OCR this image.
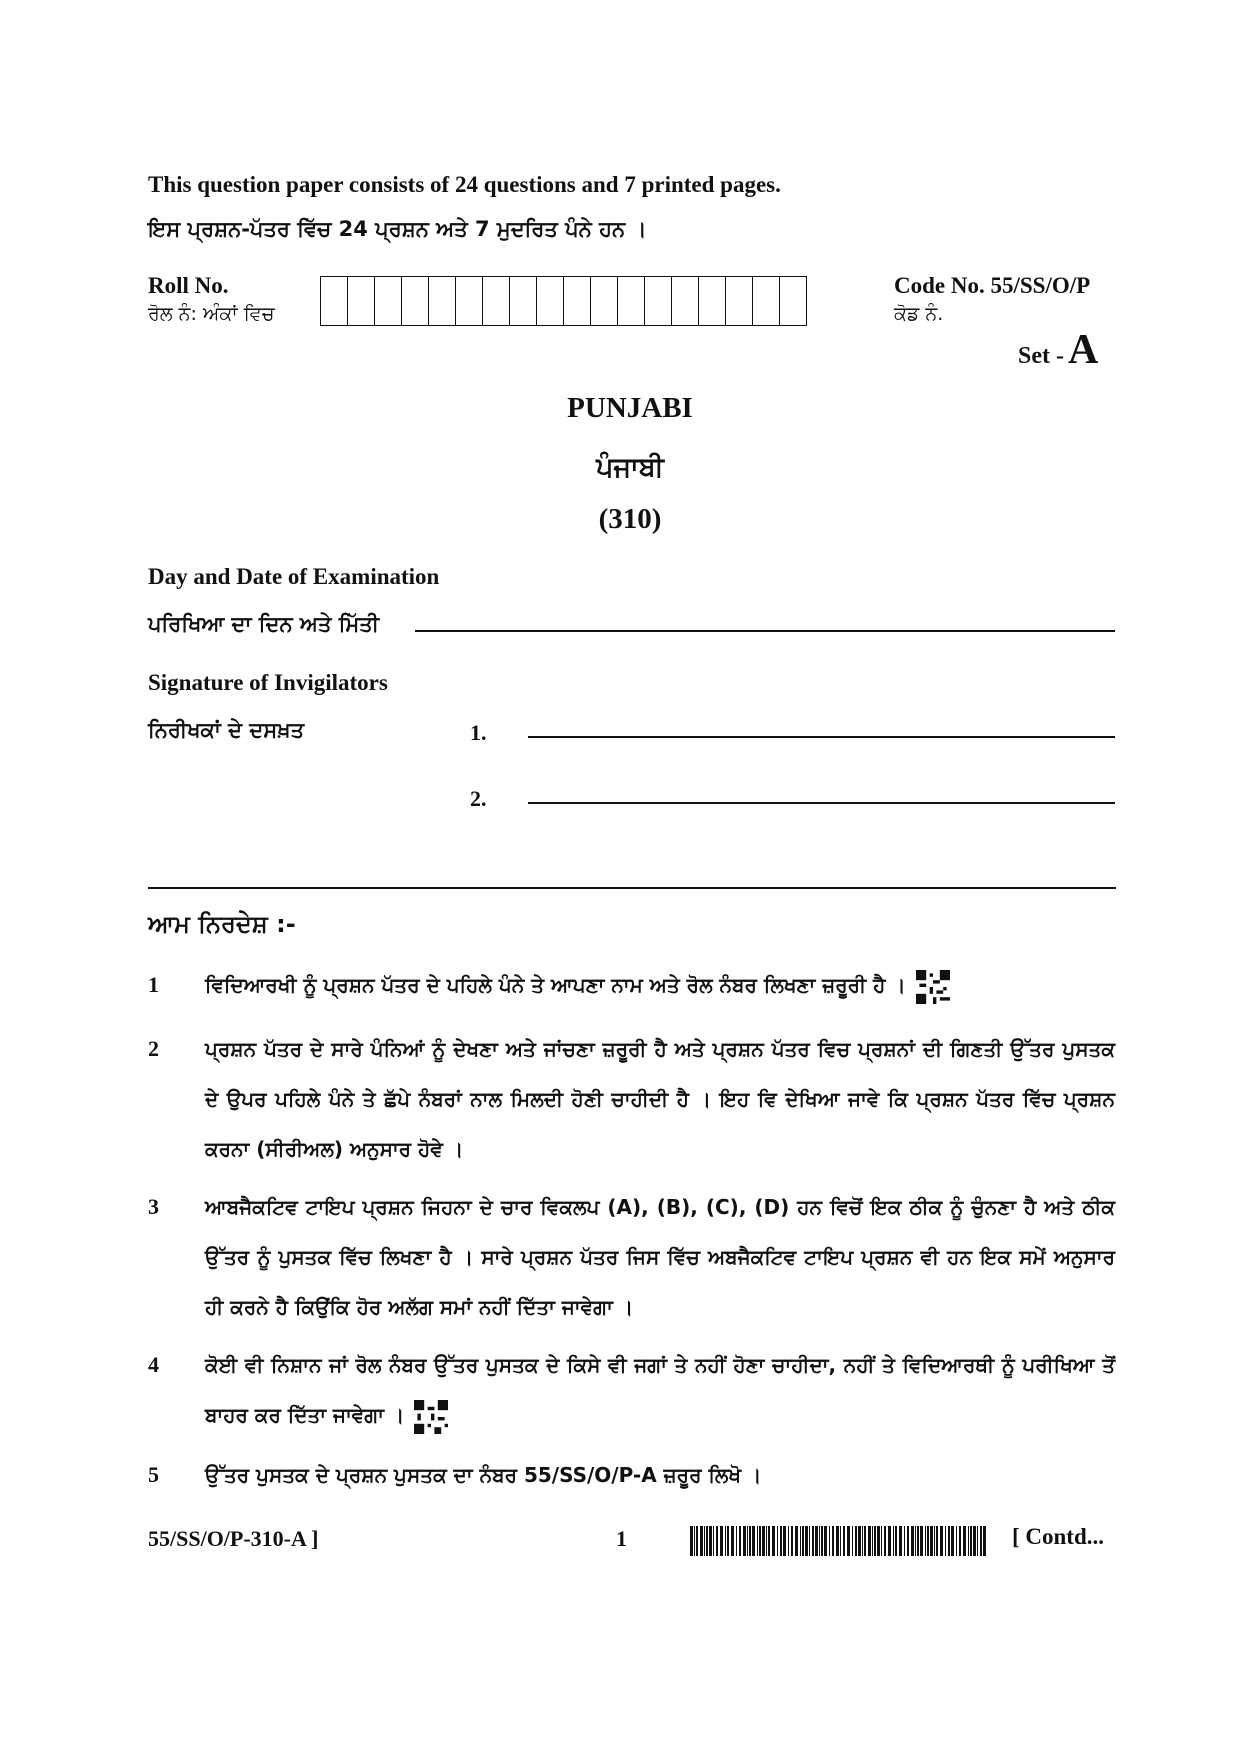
This question paper consists of 24 questions and 7 printed pages.
ਇਸ ਪ੍ਰਸ਼ਨ-ਪੱਤਰ ਵਿੱਚ 24 ਪ੍ਰਸ਼ਨ ਅਤੇ 7 ਮੁਦਰਿਤ ਪੰਨੇ ਹਨ ।
Roll No.
ਰੋਲ ਨੰ: ਅੰਕਾਂ ਵਿਚ
Code No. 55/SS/O/P
ਕੋਡ ਨੰ.
Set - A
PUNJABI
ਪੰਜਾਬੀ
(310)
Day and Date of Examination
ਪਰਿਖਿਆ ਦਾ ਦਿਨ ਅਤੇ ਮਿੱਤੀ
Signature of Invigilators
ਨਿਰੀਖਕਾਂ ਦੇ ਦਸਖ਼ਤ	1.
2.
ਆਮ ਨਿਰਦੇਸ਼ :-
1 ਵਿਦਿਆਰਖੀ ਨੂੰ ਪ੍ਰਸ਼ਨ ਪੱਤਰ ਦੇ ਪਹਿਲੇ ਪੰਨੇ ਤੇ ਆਪਣਾ ਨਾਮ ਅਤੇ ਰੋਲ ਨੰਬਰ ਲਿਖਣਾ ਜ਼ਰੂਰੀ ਹੈ ।
2 ਪ੍ਰਸ਼ਨ ਪੱਤਰ ਦੇ ਸਾਰੇ ਪੰਨਿਆਂ ਨੂੰ ਦੇਖਣਾ ਅਤੇ ਜਾਂਚਣਾ ਜ਼ਰੂਰੀ ਹੈ ਅਤੇ ਪ੍ਰਸ਼ਨ ਪੱਤਰ ਵਿਚ ਪ੍ਰਸ਼ਨਾਂ ਦੀ ਗਿਣਤੀ ਉੱਤਰ ਪੁਸਤਕ ਦੇ ਉਪਰ ਪਹਿਲੇ ਪੰਨੇ ਤੇ ਛੱਪੇ ਨੰਬਰਾਂ ਨਾਲ ਮਿਲਦੀ ਹੋਣੀ ਚਾਹੀਦੀ ਹੈ । ਇਹ ਵਿ ਦੇਖਿਆ ਜਾਵੇ ਕਿ ਪ੍ਰਸ਼ਨ ਪੱਤਰ ਵਿੱਚ ਪ੍ਰਸ਼ਨ ਕਰਨਾ (ਸੀਰੀਅਲ) ਅਨੁਸਾਰ ਹੋਵੇ ।
3 ਆਬਜੈਕਟਿਵ ਟਾਇਪ ਪ੍ਰਸ਼ਨ ਜਿਹਨਾ ਦੇ ਚਾਰ ਵਿਕਲਪ (A), (B), (C), (D) ਹਨ ਵਿਚੋਂ ਇਕ ਠੀਕ ਨੂੰ ਚੁੰਨਣਾ ਹੈ ਅਤੇ ਠੀਕ ਉੱਤਰ ਨੂੰ ਪੁਸਤਕ ਵਿੱਚ ਲਿਖਣਾ ਹੈ । ਸਾਰੇ ਪ੍ਰਸ਼ਨ ਪੱਤਰ ਜਿਸ ਵਿੱਚ ਅਬਜੈਕਟਿਵ ਟਾਇਪ ਪ੍ਰਸ਼ਨ ਵੀ ਹਨ ਇਕ ਸਮੇਂ ਅਨੁਸਾਰ ਹੀ ਕਰਨੇ ਹੈ ਕਿਉਂਕਿ ਹੋਰ ਅਲੱਗ ਸਮਾਂ ਨਹੀਂ ਦਿੱਤਾ ਜਾਵੇਗਾ ।
4 ਕੋਈ ਵੀ ਨਿਸ਼ਾਨ ਜਾਂ ਰੋਲ ਨੰਬਰ ਉੱਤਰ ਪੁਸਤਕ ਦੇ ਕਿਸੇ ਵੀ ਜਗਾਂ ਤੇ ਨਹੀਂ ਹੋਣਾ ਚਾਹੀਦਾ, ਨਹੀਂ ਤੇ ਵਿਦਿਆਰਥੀ ਨੂੰ ਪਰੀਖਿਆ ਤੋਂ ਬਾਹਰ ਕਰ ਦਿੱਤਾ ਜਾਵੇਗਾ ।
5 ਉੱਤਰ ਪੁਸਤਕ ਦੇ ਪ੍ਰਸ਼ਨ ਪੁਸਤਕ ਦਾ ਨੰਬਰ 55/SS/O/P-A ਜ਼ਰੂਰ ਲਿਖੋ ।
55/SS/O/P-310-A ]	1	[ Contd...
